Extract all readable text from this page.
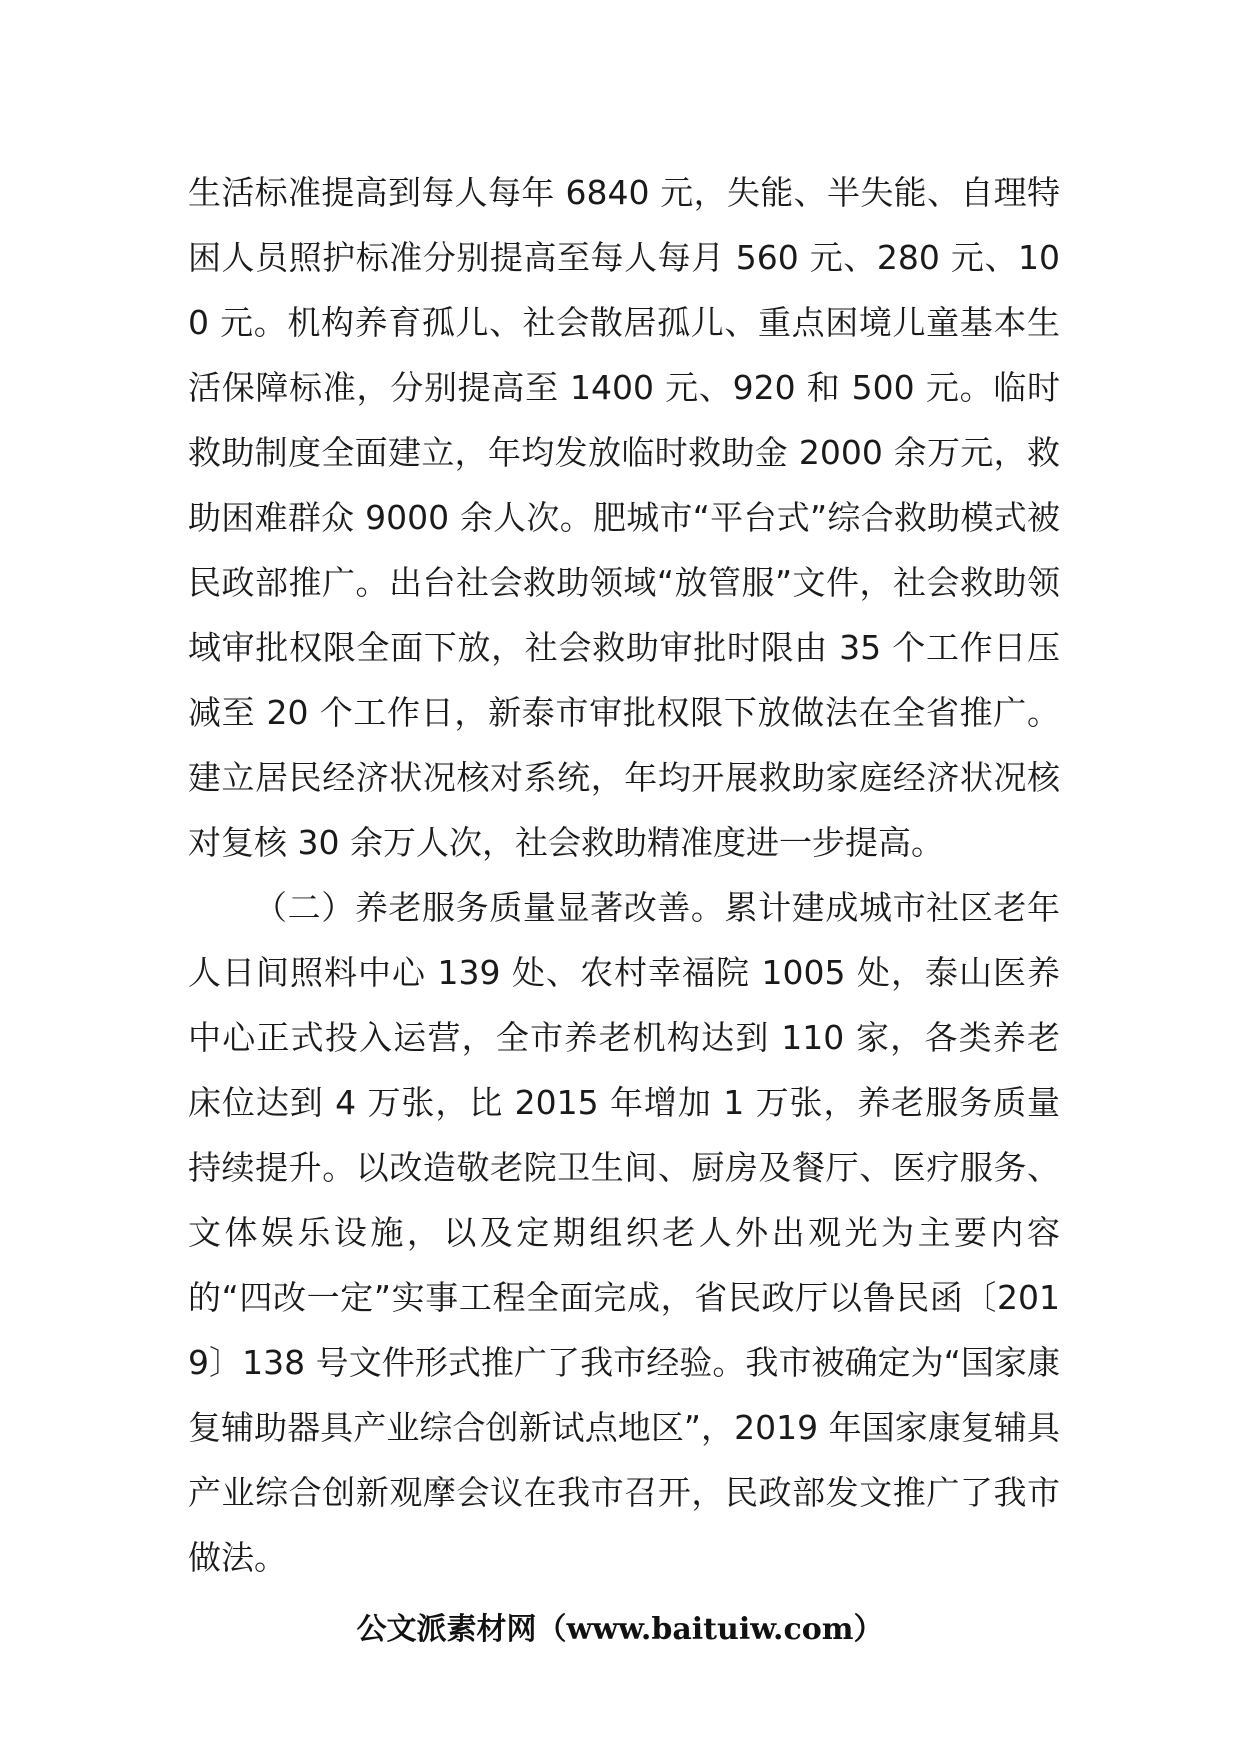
生活标准提高到每人每年 6840 元，失能、半失能、自理特困人员照护标准分别提高至每人每月 560 元、280 元、100 元。机构养育孤儿、社会散居孤儿、重点困境儿童基本生活保障标准，分别提高至 1400 元、920 和 500 元。临时救助制度全面建立，年均发放临时救助金 2000 余万元，救助困难群众 9000 余人次。肥城市“平台式”综合救助模式被民政部推广。出台社会救助领域“放管服”文件，社会救助领域审批权限全面下放，社会救助审批时限由 35 个工作日压减至 20 个工作日，新泰市审批权限下放做法在全省推广。建立居民经济状况核对系统，年均开展救助家庭经济状况核对复核 30 余万人次，社会救助精准度进一步提高。

（二）养老服务质量显著改善。累计建成城市社区老年人日间照料中心 139 处、农村幸福院 1005 处，泰山医养中心正式投入运营，全市养老机构达到 110 家，各类养老床位达到 4 万张，比 2015 年增加 1 万张，养老服务质量持续提升。以改造敬老院卫生间、厨房及餐厅、医疗服务、文体娱乐设施，以及定期组织老人外出观光为主要内容的“四改一定”实事工程全面完成，省民政厅以鲁民函〔2019〕138 号文件形式推广了我市经验。我市被确定为“国家康复辅助器具产业综合创新试点地区”，2019 年国家康复辅具产业综合创新观摩会议在我市召开，民政部发文推广了我市做法。

公文派素材网（www.baituiw.com）
